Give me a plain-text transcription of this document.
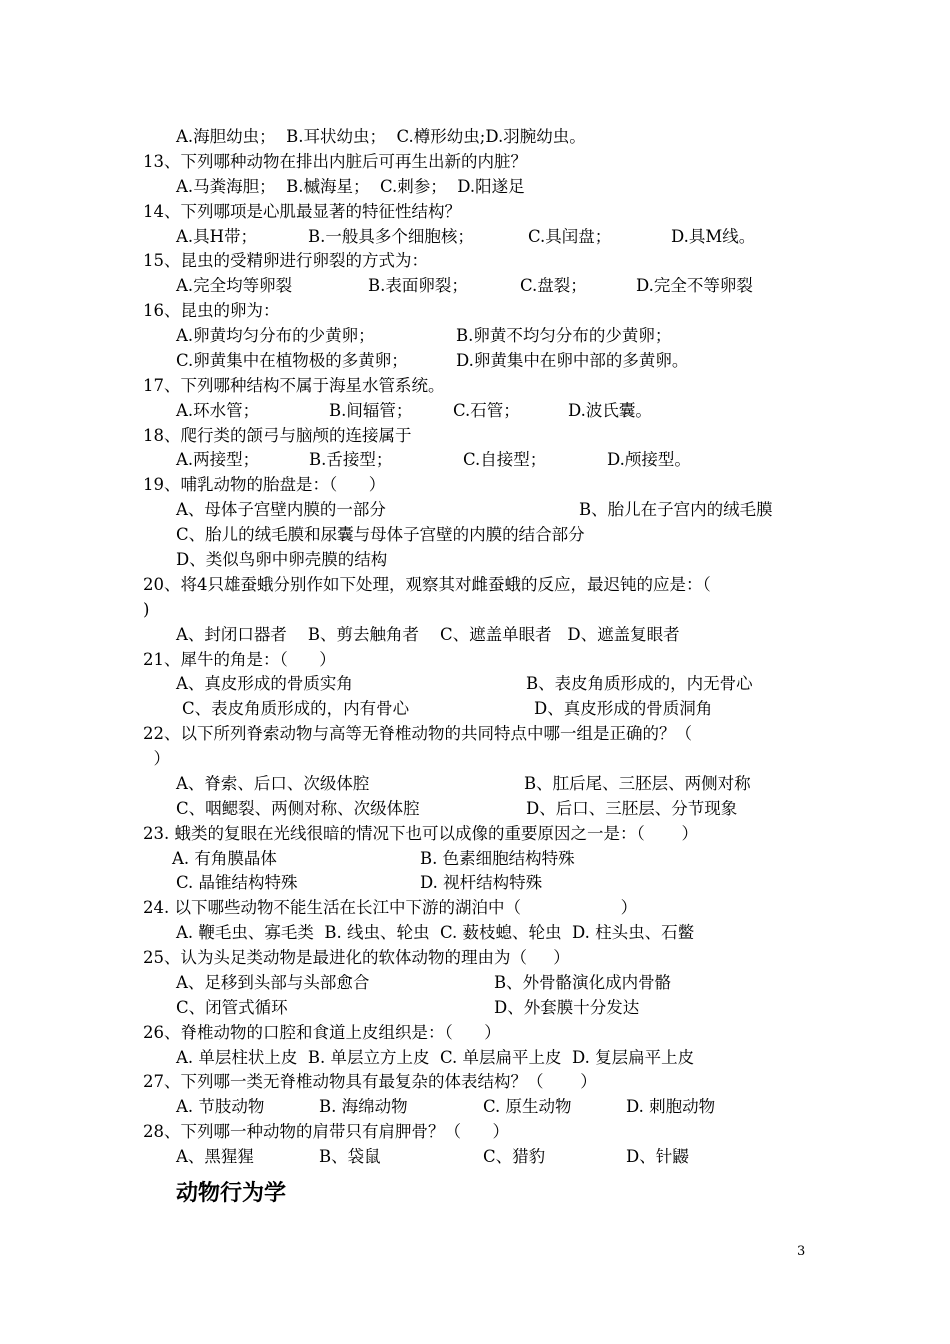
A.海胆幼虫；  B.耳状幼虫；  C.樽形幼虫;D.羽腕幼虫。
13、下列哪种动物在排出内脏后可再生出新的内脏？
A.马粪海胆；  B.槭海星；  C.刺参；  D.阳遂足
14、下列哪项是心肌最显著的特征性结构？
A.具H带；	B.一般具多个细胞核；	C.具闰盘；	D.具M线。
15、昆虫的受精卵进行卵裂的方式为：
A.完全均等卵裂	B.表面卵裂；	C.盘裂；	D.完全不等卵裂
16、昆虫的卵为：
A.卵黄均匀分布的少黄卵；	B.卵黄不均匀分布的少黄卵；
C.卵黄集中在植物极的多黄卵；	D.卵黄集中在卵中部的多黄卵。
17、下列哪种结构不属于海星水管系统。
A.环水管；	B.间辐管； C.石管；	D.波氏囊。
18、爬行类的颌弓与脑颅的连接属于
A.两接型；	B.舌接型；	C.自接型；	D.颅接型。
19、哺乳动物的胎盘是：（      ）
A、母体子宫壁内膜的一部分	B、胎儿在子宫内的绒毛膜
C、胎儿的绒毛膜和尿囊与母体子宫壁的内膜的结合部分
D、类似鸟卵中卵壳膜的结构
20、将4只雄蚕蛾分别作如下处理，观察其对雌蚕蛾的反应，最迟钝的应是：（
)
A、封闭口器者    B、剪去触角者    C、遮盖单眼者   D、遮盖复眼者
21、犀牛的角是：（      ）
A、真皮形成的骨质实角	B、表皮角质形成的，内无骨心
C、表皮角质形成的，内有骨心	D、真皮形成的骨质洞角
22、以下所列脊索动物与高等无脊椎动物的共同特点中哪一组是正确的？（
）
A、脊索、后口、次级体腔	B、肛后尾、三胚层、两侧对称
C、咽鳃裂、两侧对称、次级体腔	D、后口、三胚层、分节现象
23. 蛾类的复眼在光线很暗的情况下也可以成像的重要原因之一是：（       ）
A. 有角膜晶体	B. 色素细胞结构特殊
C. 晶锥结构特殊	D. 视杆结构特殊
24. 以下哪些动物不能生活在长江中下游的湖泊中（                   ）
A. 鞭毛虫、寡毛类  B. 线虫、轮虫  C. 薮枝螅、轮虫  D. 柱头虫、石鳖
25、认为头足类动物是最进化的软体动物的理由为（     ）
A、足移到头部与头部愈合	B、外骨骼演化成内骨骼
C、闭管式循环	D、外套膜十分发达
26、脊椎动物的口腔和食道上皮组织是：（      ）
A. 单层柱状上皮  B. 单层立方上皮  C. 单层扁平上皮  D. 复层扁平上皮
27、下列哪一类无脊椎动物具有最复杂的体表结构？（       ）
A. 节肢动物	B. 海绵动物	C. 原生动物	D. 刺胞动物
28、下列哪一种动物的肩带只有肩胛骨？（      ）
A、黑猩猩	B、袋鼠	C、猎豹	D、针鼹
动物行为学
3
